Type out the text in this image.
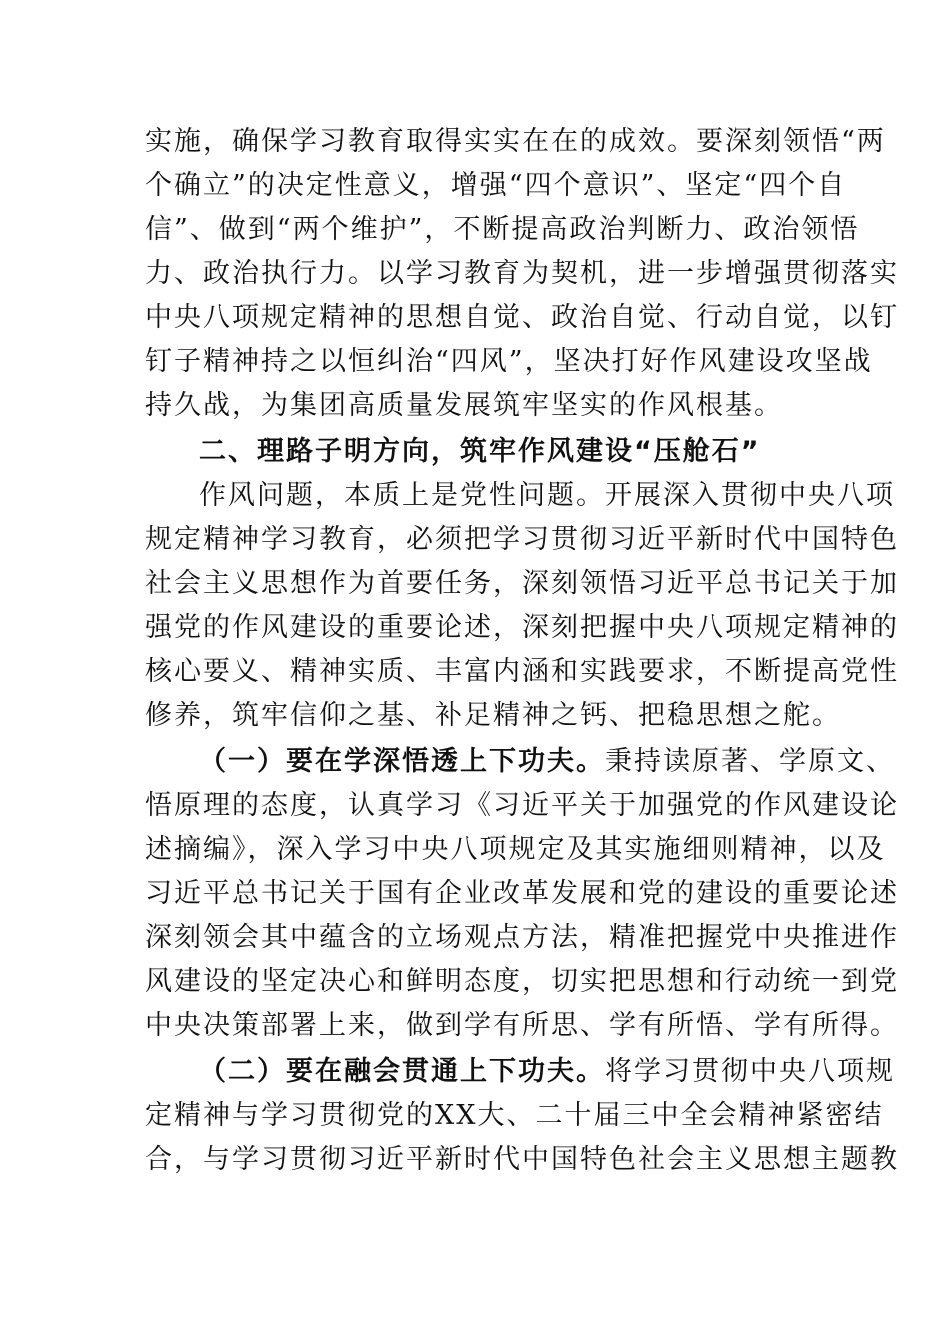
实施，确保学习教育取得实实在在的成效。要深刻领悟“两
个确立”的决定性意义，增强“四个意识”、坚定“四个自
信”、做到“两个维护”，不断提高政治判断力、政治领悟
力、政治执行力。以学习教育为契机，进一步增强贯彻落实
中央八项规定精神的思想自觉、政治自觉、行动自觉，以钉
钉子精神持之以恒纠治“四风”，坚决打好作风建设攻坚战
持久战，为集团高质量发展筑牢坚实的作风根基。
二、理路子明方向，筑牢作风建设“压舱石”
作风问题，本质上是党性问题。开展深入贯彻中央八项
规定精神学习教育，必须把学习贯彻习近平新时代中国特色
社会主义思想作为首要任务，深刻领悟习近平总书记关于加
强党的作风建设的重要论述，深刻把握中央八项规定精神的
核心要义、精神实质、丰富内涵和实践要求，不断提高党性
修养，筑牢信仰之基、补足精神之钙、把稳思想之舵。
（一）要在学深悟透上下功夫。秉持读原著、学原文、
悟原理的态度，认真学习《习近平关于加强党的作风建设论
述摘编》，深入学习中央八项规定及其实施细则精神，以及
习近平总书记关于国有企业改革发展和党的建设的重要论述
深刻领会其中蕴含的立场观点方法，精准把握党中央推进作
风建设的坚定决心和鲜明态度，切实把思想和行动统一到党
中央决策部署上来，做到学有所思、学有所悟、学有所得。
（二）要在融会贯通上下功夫。将学习贯彻中央八项规
定精神与学习贯彻党的XX大、二十届三中全会精神紧密结
合，与学习贯彻习近平新时代中国特色社会主义思想主题教
